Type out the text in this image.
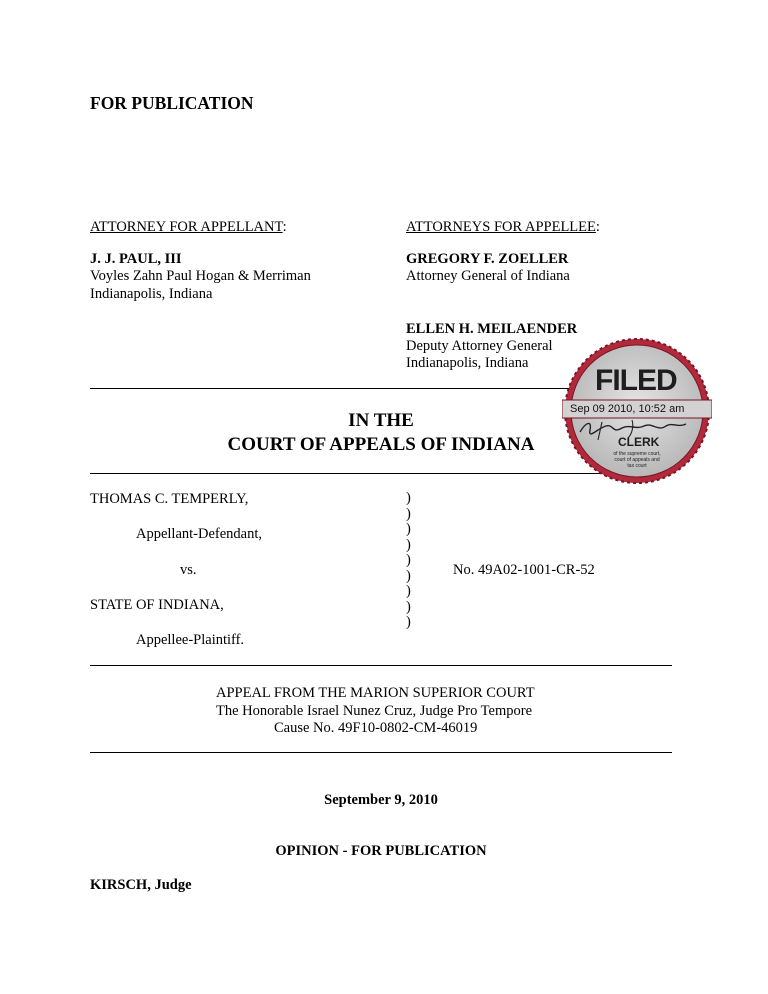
FOR PUBLICATION
ATTORNEY FOR APPELLANT:
J. J. PAUL, III
Voyles Zahn Paul Hogan & Merriman
Indianapolis, Indiana
ATTORNEYS FOR APPELLEE:
GREGORY F. ZOELLER
Attorney General of Indiana
ELLEN H. MEILAENDER
Deputy Attorney General
Indianapolis, Indiana
IN THE
COURT OF APPEALS OF INDIANA
THOMAS C. TEMPERLY,
Appellant-Defendant,
vs.
STATE OF INDIANA,
Appellee-Plaintiff.
)
)
)
)
)
)
)
)
)
No. 49A02-1001-CR-52
APPEAL FROM THE MARION SUPERIOR COURT
The Honorable Israel Nunez Cruz, Judge Pro Tempore
Cause No. 49F10-0802-CM-46019
September 9, 2010
OPINION - FOR PUBLICATION
KIRSCH, Judge
FILED
Sep 09 2010, 10:52 am
CLERK
of the supreme court,
court of appeals and
tax court
